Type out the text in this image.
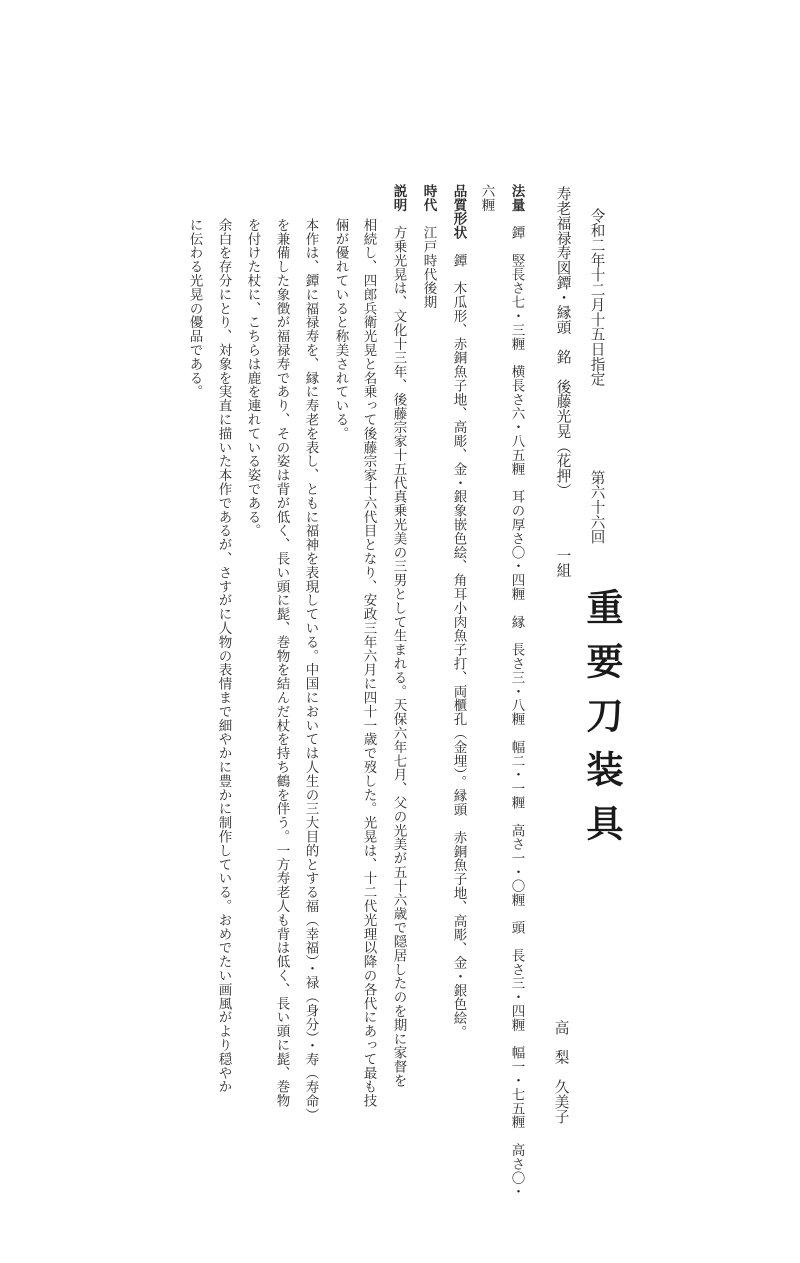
令和二年十二月十五日指定
第六十六回
重要刀装具
高　梨　久美子
寿老福禄寿図鐔・縁頭　銘　後藤光晃（花押）
一組
法量　鐔　竪長さ七・三糎　横長さ六・八五糎　耳の厚さ〇・四糎　縁　長さ三・八糎　幅二・一糎　高さ一・〇糎　頭　長さ三・四糎　幅一・七五糎　高さ〇・
六糎
品質形状　鐔　木瓜形、赤銅魚子地、高彫、金・銀象嵌色絵、角耳小肉魚子打、両櫃孔（金埋）。縁頭　赤銅魚子地、高彫、金・銀色絵。
時代　江戸時代後期
説明　方乗光晃は、文化十三年、後藤宗家十五代真乗光美の三男として生まれる。天保六年七月、父の光美が五十六歳で隠居したのを期に家督を
相続し、四郎兵衛光晃と名乗って後藤宗家十六代目となり、安政三年六月に四十一歳で歿した。光晃は、十二代光理以降の各代にあって最も技
倆が優れていると称美されている。
本作は、鐔に福禄寿を、縁に寿老を表し、ともに福神を表現している。中国においては人生の三大目的とする福（幸福）・禄（身分）・寿（寿命）
を兼備した象徴が福禄寿であり、その姿は背が低く、長い頭に髭、巻物を結んだ杖を持ち鶴を伴う。一方寿老人も背は低く、長い頭に髭、巻物
を付けた杖に、こちらは鹿を連れている姿である。
余白を存分にとり、対象を実直に描いた本作であるが、さすがに人物の表情まで細やかに豊かに制作している。おめでたい画風がより穏やか
に伝わる光晃の優品である。
